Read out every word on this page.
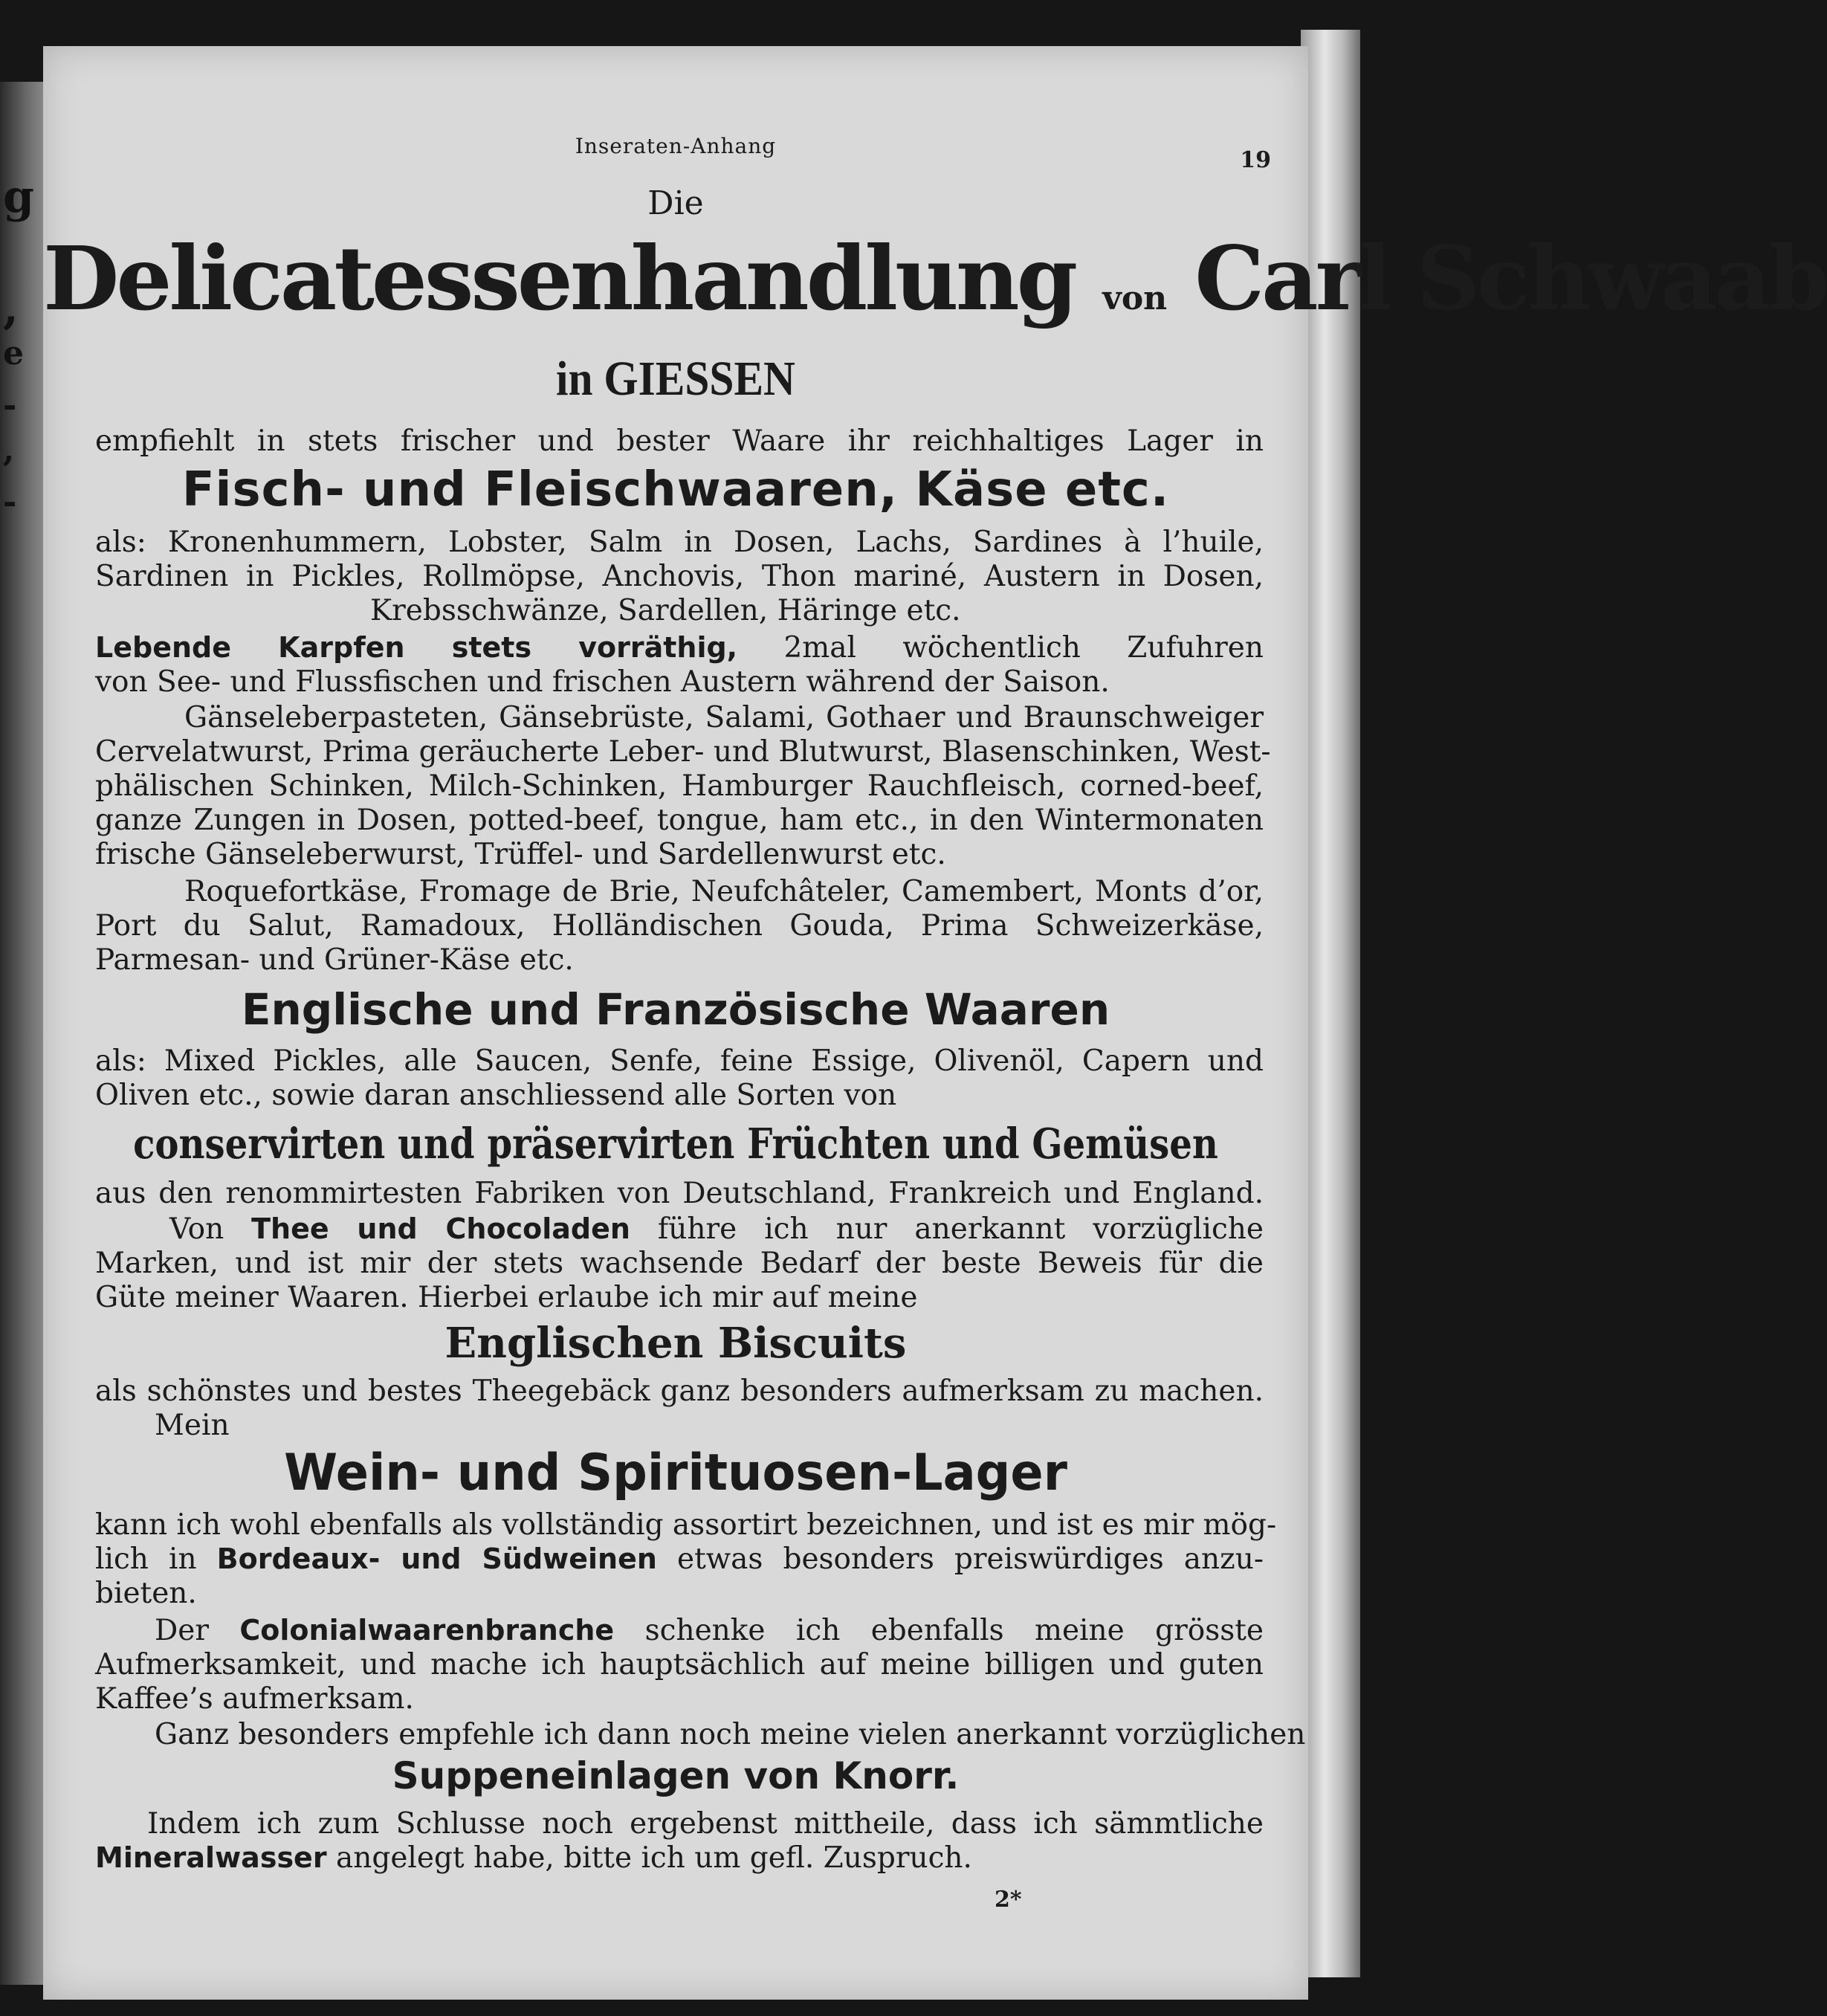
g
,
e
-
,
-
Inseraten-Anhang
19
Die
Delicatessenhandlung von Carl Schwaab
in GIESSEN
empfiehlt in stets frischer und bester Waare ihr reichhaltiges Lager in
Fisch- und Fleischwaaren, Käse etc.
als: Kronenhummern, Lobster, Salm in Dosen, Lachs, Sardines à l’huile,
Sardinen in Pickles, Rollmöpse, Anchovis, Thon mariné, Austern in Dosen,
Krebsschwänze, Sardellen, Häringe etc.
Lebende Karpfen stets vorräthig, 2mal wöchentlich Zufuhren
von See- und Flussfischen und frischen Austern während der Saison.
Gänseleberpasteten, Gänsebrüste, Salami, Gothaer und Braunschweiger
Cervelatwurst, Prima geräucherte Leber- und Blutwurst, Blasenschinken, West-
phälischen Schinken, Milch-Schinken, Hamburger Rauchfleisch, corned-beef,
ganze Zungen in Dosen, potted-beef, tongue, ham etc., in den Wintermonaten
frische Gänseleberwurst, Trüffel- und Sardellenwurst etc.
Roquefortkäse, Fromage de Brie, Neufchâteler, Camembert, Monts d’or,
Port du Salut, Ramadoux, Holländischen Gouda, Prima Schweizerkäse,
Parmesan- und Grüner-Käse etc.
Englische und Französische Waaren
als: Mixed Pickles, alle Saucen, Senfe, feine Essige, Olivenöl, Capern und
Oliven etc., sowie daran anschliessend alle Sorten von
conservirten und präservirten Früchten und Gemüsen
aus den renommirtesten Fabriken von Deutschland, Frankreich und England.
Von Thee und Chocoladen führe ich nur anerkannt vorzügliche
Marken, und ist mir der stets wachsende Bedarf der beste Beweis für die
Güte meiner Waaren. Hierbei erlaube ich mir auf meine
Englischen Biscuits
als schönstes und bestes Theegebäck ganz besonders aufmerksam zu machen.
Mein
Wein- und Spirituosen-Lager
kann ich wohl ebenfalls als vollständig assortirt bezeichnen, und ist es mir mög-
lich in Bordeaux- und Südweinen etwas besonders preiswürdiges anzu-
bieten.
Der Colonialwaarenbranche schenke ich ebenfalls meine grösste
Aufmerksamkeit, und mache ich hauptsächlich auf meine billigen und guten
Kaffee’s aufmerksam.
Ganz besonders empfehle ich dann noch meine vielen anerkannt vorzüglichen
Suppeneinlagen von Knorr.
Indem ich zum Schlusse noch ergebenst mittheile, dass ich sämmtliche
Mineralwasser angelegt habe, bitte ich um gefl. Zuspruch.
2*
